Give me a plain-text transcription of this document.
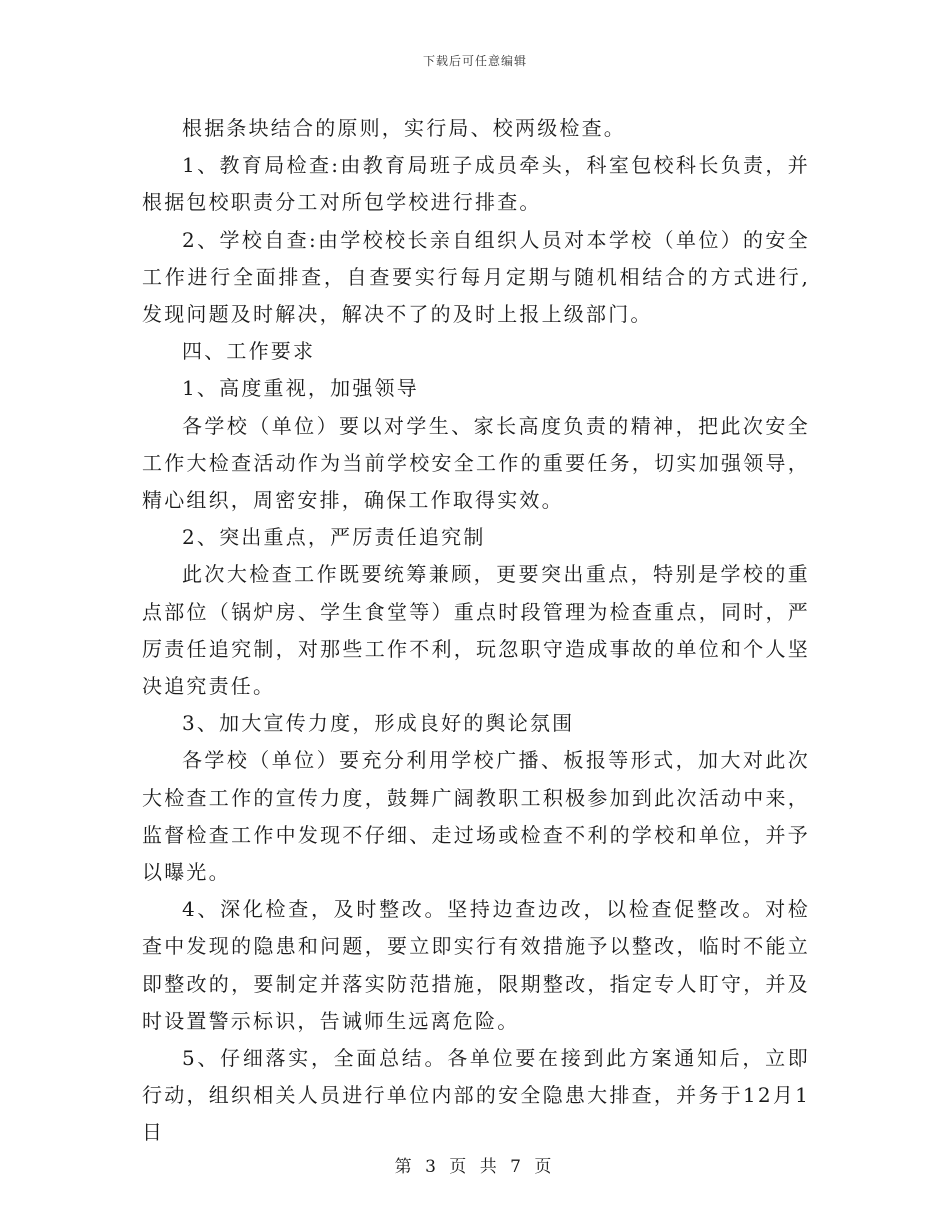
下载后可任意编辑

根据条块结合的原则，实行局、校两级检查。

1、教育局检查:由教育局班子成员牵头，科室包校科长负责，并根据包校职责分工对所包学校进行排查。

2、学校自查:由学校校长亲自组织人员对本学校（单位）的安全工作进行全面排查，自查要实行每月定期与随机相结合的方式进行,发现问题及时解决，解决不了的及时上报上级部门。

四、工作要求

1、高度重视，加强领导

各学校（单位）要以对学生、家长高度负责的精神，把此次安全工作大检查活动作为当前学校安全工作的重要任务，切实加强领导，精心组织，周密安排，确保工作取得实效。

2、突出重点，严厉责任追究制

此次大检查工作既要统筹兼顾，更要突出重点，特别是学校的重点部位（锅炉房、学生食堂等）重点时段管理为检查重点，同时，严厉责任追究制，对那些工作不利，玩忽职守造成事故的单位和个人坚决追究责任。

3、加大宣传力度，形成良好的舆论氛围

各学校（单位）要充分利用学校广播、板报等形式，加大对此次大检查工作的宣传力度，鼓舞广阔教职工积极参加到此次活动中来，监督检查工作中发现不仔细、走过场或检查不利的学校和单位，并予以曝光。

4、深化检查，及时整改。坚持边查边改，以检查促整改。对检查中发现的隐患和问题，要立即实行有效措施予以整改，临时不能立即整改的，要制定并落实防范措施，限期整改，指定专人盯守，并及时设置警示标识，告诫师生远离危险。

5、仔细落实，全面总结。各单位要在接到此方案通知后，立即行动，组织相关人员进行单位内部的安全隐患大排查，并务于12月1日

第 3 页 共 7 页
